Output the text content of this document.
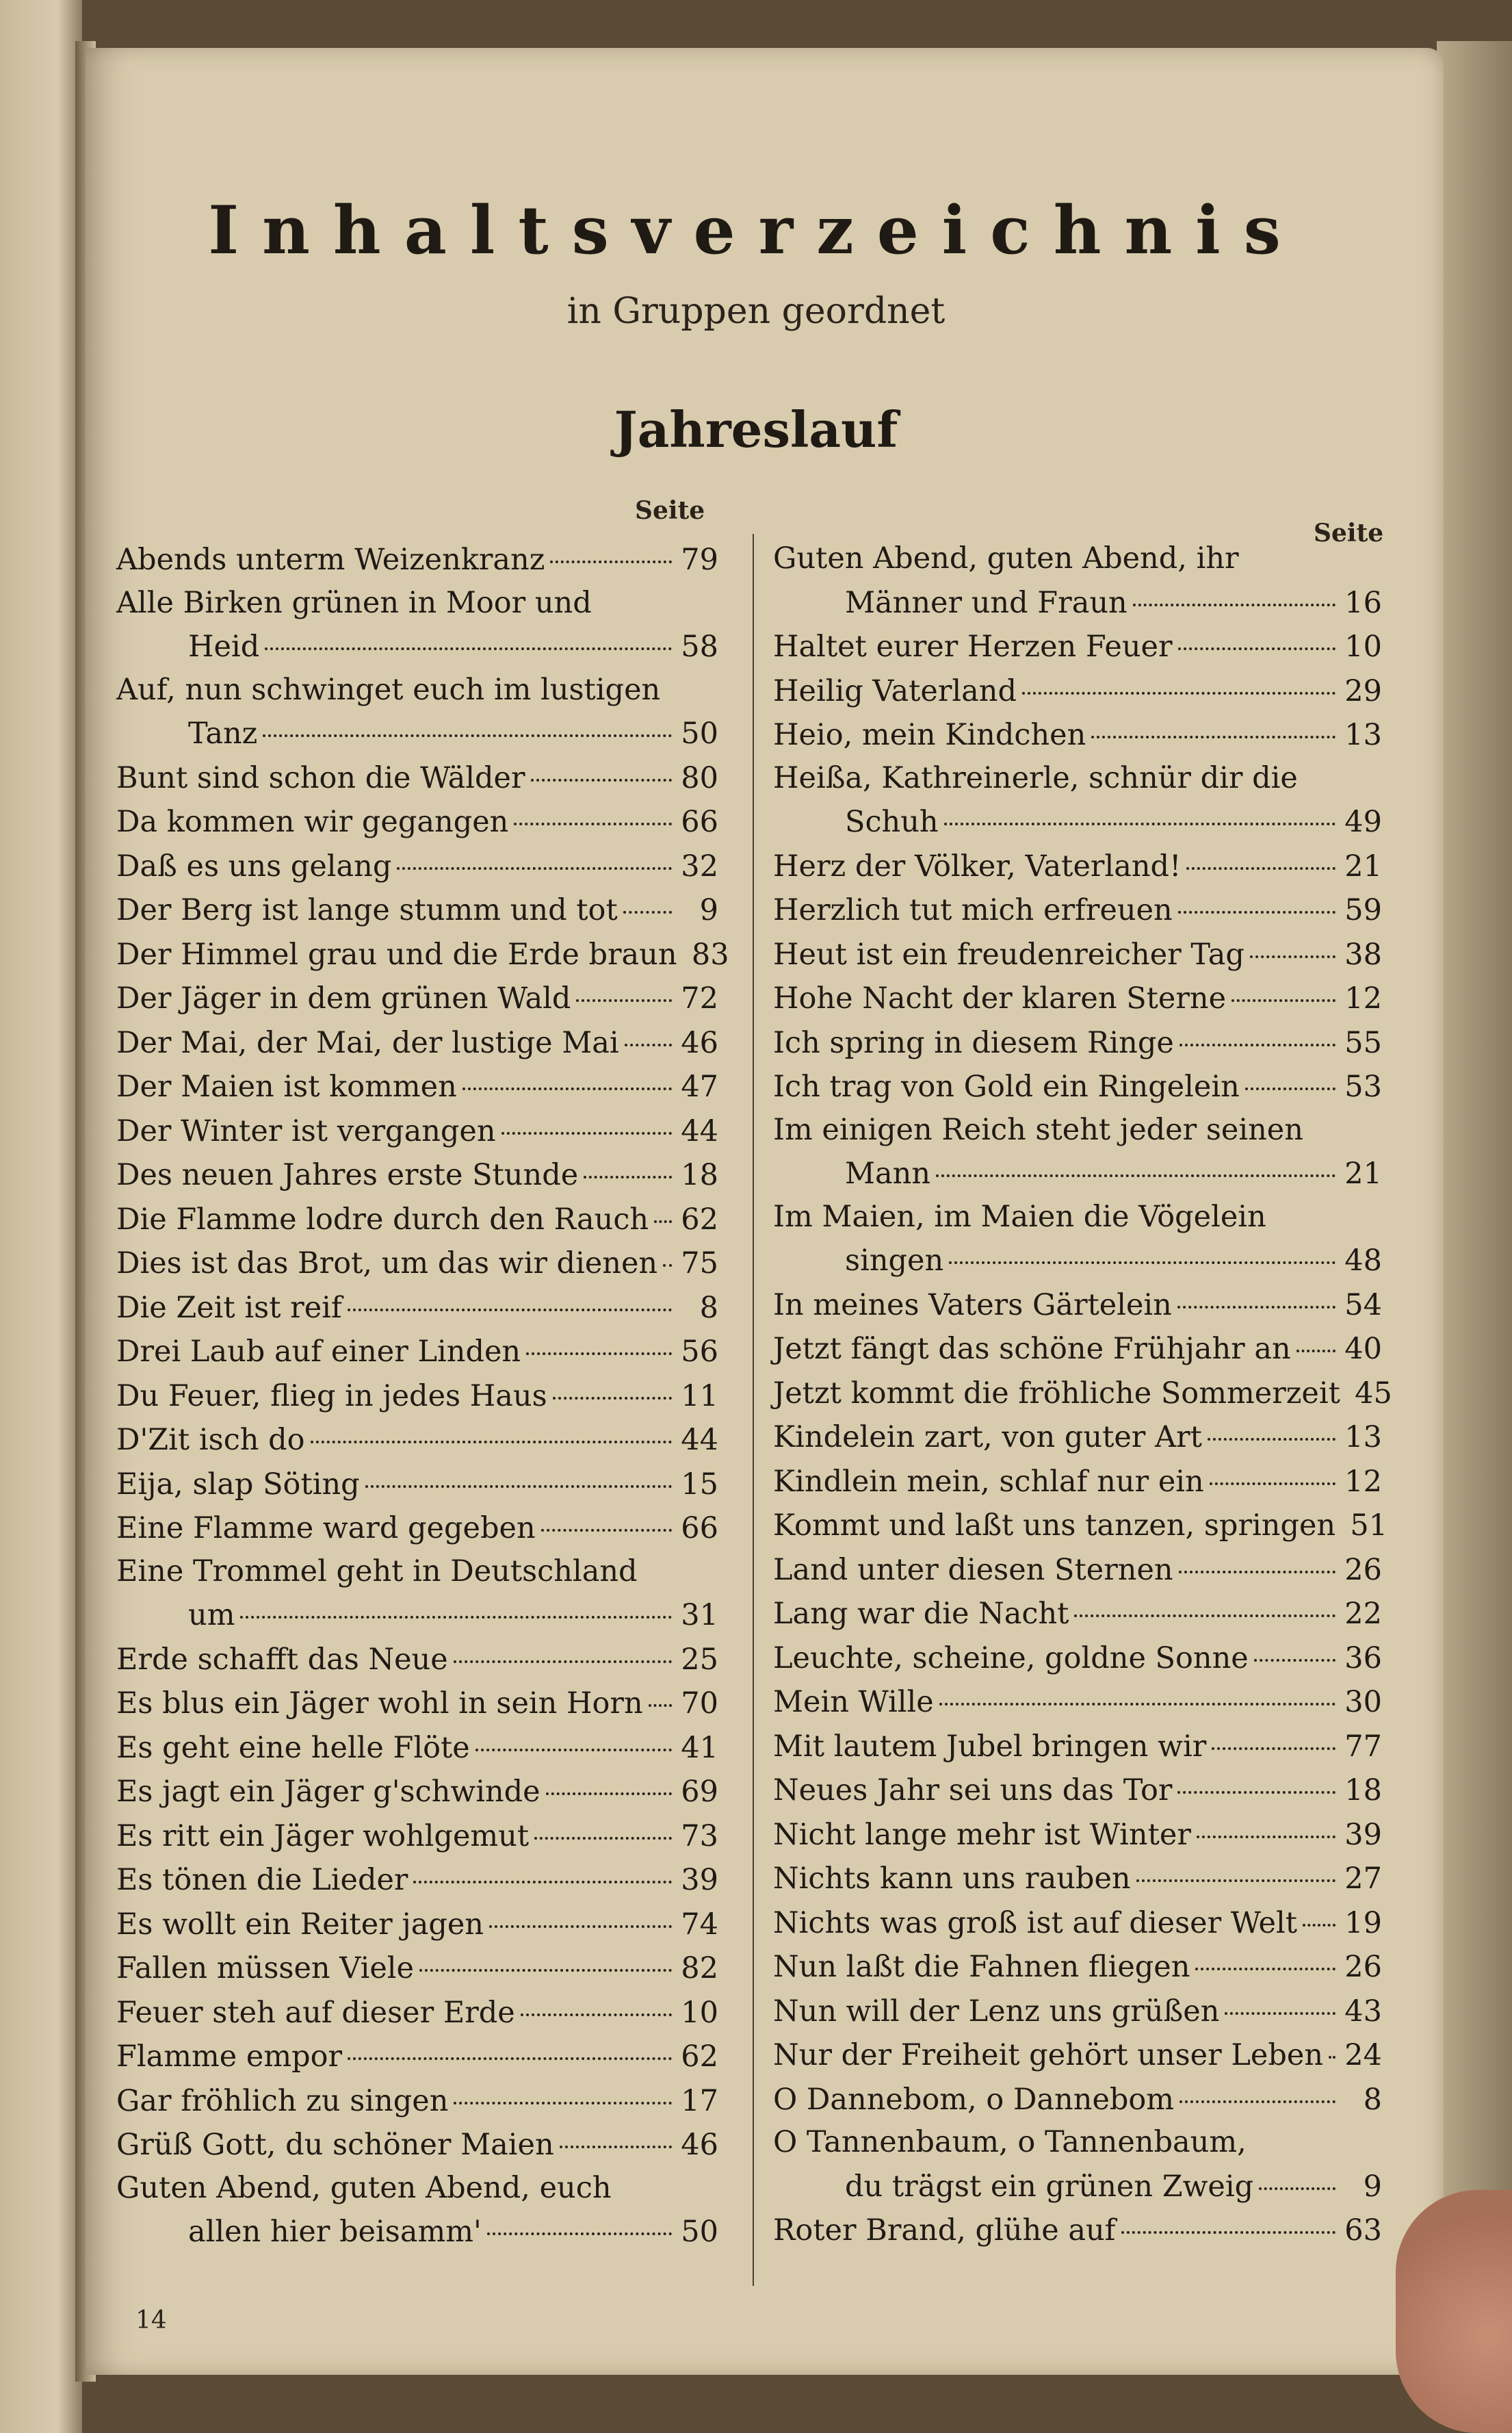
Inhaltsverzeichnis
in Gruppen geordnet
Jahreslauf
Seite
Seite
Abends unterm Weizenkranz	79
Alle Birken grünen in Moor und
Heid	58
Auf, nun schwinget euch im lustigen
Tanz	50
Bunt sind schon die Wälder	80
Da kommen wir gegangen	66
Daß es uns gelang	32
Der Berg ist lange stumm und tot	9
Der Himmel grau und die Erde braun 83
Der Jäger in dem grünen Wald	72
Der Mai, der Mai, der lustige Mai 46
Der Maien ist kommen	47
Der Winter ist vergangen	44
Des neuen Jahres erste Stunde	18
Die Flamme lodre durch den Rauch 62
Dies ist das Brot, um das wir dienen 75
Die Zeit ist reif	8
Drei Laub auf einer Linden	56
Du Feuer, flieg in jedes Haus	11
D'Zit isch do	44
Eija, slap Söting	15
Eine Flamme ward gegeben	66
Eine Trommel geht in Deutschland
um	31
Erde schafft das Neue	25
Es blus ein Jäger wohl in sein Horn 70
Es geht eine helle Flöte	41
Es jagt ein Jäger g'schwinde	69
Es ritt ein Jäger wohlgemut	73
Es tönen die Lieder	39
Es wollt ein Reiter jagen	74
Fallen müssen Viele	82
Feuer steh auf dieser Erde	10
Flamme empor	62
Gar fröhlich zu singen	17
Grüß Gott, du schöner Maien	46
Guten Abend, guten Abend, euch
allen hier beisamm'	50
Guten Abend, guten Abend, ihr
Männer und Fraun	16
Haltet eurer Herzen Feuer	10
Heilig Vaterland	29
Heio, mein Kindchen	13
Heißa, Kathreinerle, schnür dir die
Schuh	49
Herz der Völker, Vaterland!	21
Herzlich tut mich erfreuen	59
Heut ist ein freudenreicher Tag	38
Hohe Nacht der klaren Sterne	12
Ich spring in diesem Ringe	55
Ich trag von Gold ein Ringelein	53
Im einigen Reich steht jeder seinen
Mann	21
Im Maien, im Maien die Vögelein
singen	48
In meines Vaters Gärtelein	54
Jetzt fängt das schöne Frühjahr an 40
Jetzt kommt die fröhliche Sommerzeit 45
Kindelein zart, von guter Art	13
Kindlein mein, schlaf nur ein	12
Kommt und laßt uns tanzen, springen 51
Land unter diesen Sternen	26
Lang war die Nacht	22
Leuchte, scheine, goldne Sonne	36
Mein Wille	30
Mit lautem Jubel bringen wir	77
Neues Jahr sei uns das Tor	18
Nicht lange mehr ist Winter	39
Nichts kann uns rauben	27
Nichts was groß ist auf dieser Welt 19
Nun laßt die Fahnen fliegen	26
Nun will der Lenz uns grüßen	43
Nur der Freiheit gehört unser Leben 24
O Dannebom, o Dannebom	8
O Tannenbaum, o Tannenbaum,
du trägst ein grünen Zweig	9
Roter Brand, glühe auf	63
14
